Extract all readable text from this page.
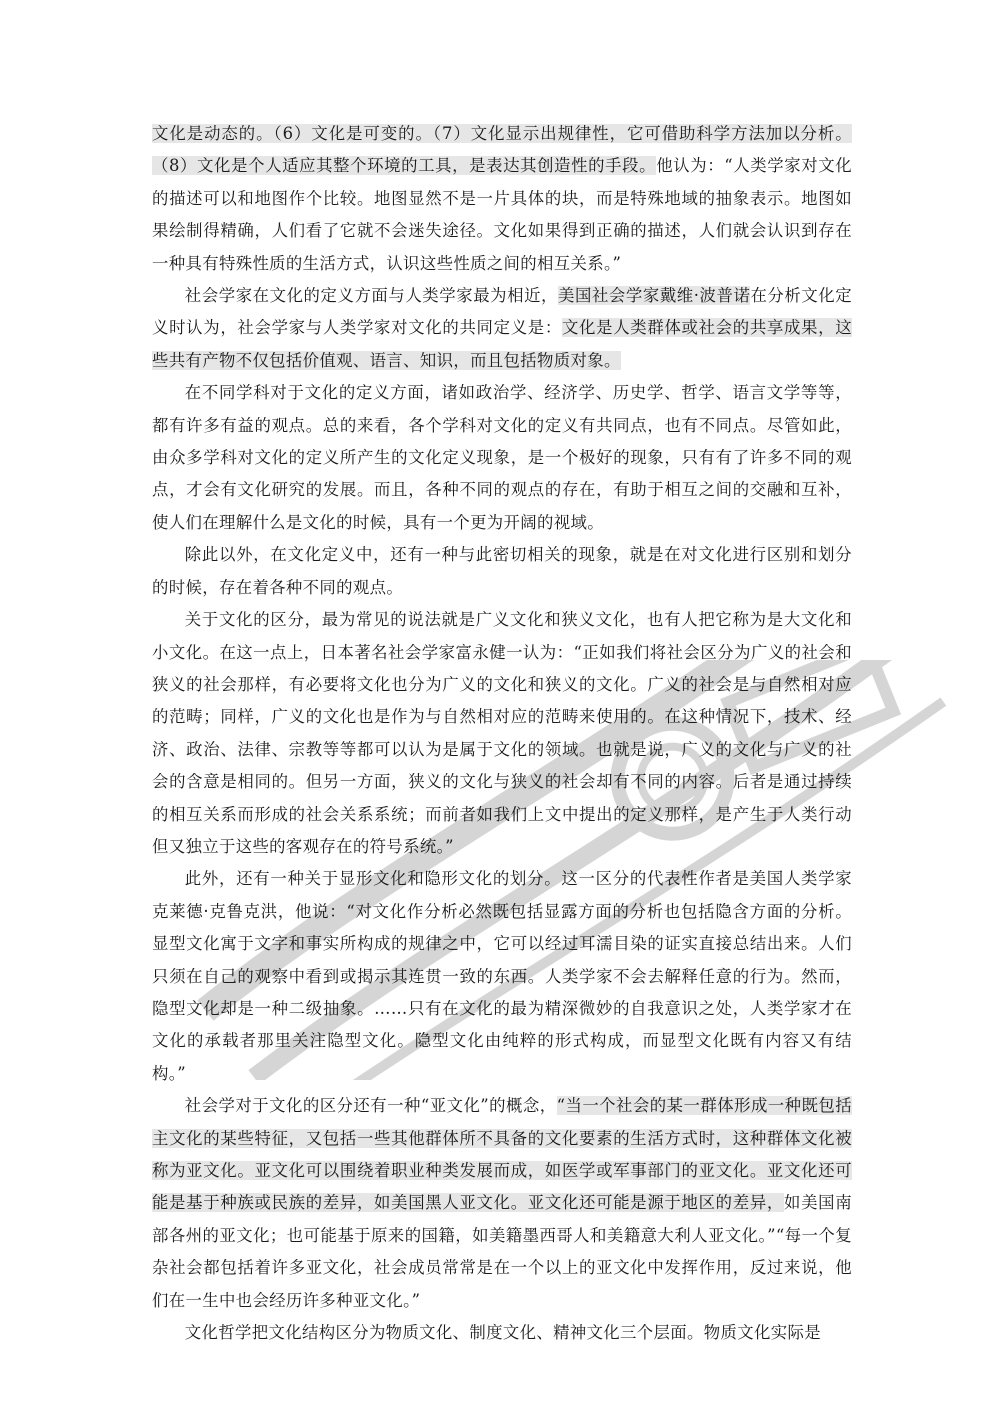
文化是动态的。（6）文化是可变的。（7）文化显示出规律性，它可借助科学方法加以分析。（8）文化是个人适应其整个环境的工具，是表达其创造性的手段。他认为：“人类学家对文化的描述可以和地图作个比较。地图显然不是一片具体的块，而是特殊地域的抽象表示。地图如果绘制得精确，人们看了它就不会迷失途径。文化如果得到正确的描述，人们就会认识到存在一种具有特殊性质的生活方式，认识这些性质之间的相互关系。”

社会学家在文化的定义方面与人类学家最为相近，美国社会学家戴维·波普诺在分析文化定义时认为，社会学家与人类学家对文化的共同定义是：文化是人类群体或社会的共享成果，这些共有产物不仅包括价值观、语言、知识，而且包括物质对象。

在不同学科对于文化的定义方面，诸如政治学、经济学、历史学、哲学、语言文学等等，都有许多有益的观点。总的来看，各个学科对文化的定义有共同点，也有不同点。尽管如此，由众多学科对文化的定义所产生的文化定义现象，是一个极好的现象，只有有了许多不同的观点，才会有文化研究的发展。而且，各种不同的观点的存在，有助于相互之间的交融和互补，使人们在理解什么是文化的时候，具有一个更为开阔的视域。

除此以外，在文化定义中，还有一种与此密切相关的现象，就是在对文化进行区别和划分的时候，存在着各种不同的观点。

关于文化的区分，最为常见的说法就是广义文化和狭义文化，也有人把它称为是大文化和小文化。在这一点上，日本著名社会学家富永健一认为：“正如我们将社会区分为广义的社会和狭义的社会那样，有必要将文化也分为广义的文化和狭义的文化。广义的社会是与自然相对应的范畴；同样，广义的文化也是作为与自然相对应的范畴来使用的。在这种情况下，技术、经济、政治、法律、宗教等等都可以认为是属于文化的领域。也就是说，广义的文化与广义的社会的含意是相同的。但另一方面，狭义的文化与狭义的社会却有不同的内容。后者是通过持续的相互关系而形成的社会关系系统；而前者如我们上文中提出的定义那样，是产生于人类行动但又独立于这些的客观存在的符号系统。”

此外，还有一种关于显形文化和隐形文化的划分。这一区分的代表性作者是美国人类学家克莱德·克鲁克洪，他说：“对文化作分析必然既包括显露方面的分析也包括隐含方面的分析。显型文化寓于文字和事实所构成的规律之中，它可以经过耳濡目染的证实直接总结出来。人们只须在自己的观察中看到或揭示其连贯一致的东西。人类学家不会去解释任意的行为。然而，隐型文化却是一种二级抽象。……只有在文化的最为精深微妙的自我意识之处，人类学家才在文化的承载者那里关注隐型文化。隐型文化由纯粹的形式构成，而显型文化既有内容又有结构。”

社会学对于文化的区分还有一种“亚文化”的概念，“当一个社会的某一群体形成一种既包括主文化的某些特征，又包括一些其他群体所不具备的文化要素的生活方式时，这种群体文化被称为亚文化。亚文化可以围绕着职业种类发展而成，如医学或军事部门的亚文化。亚文化还可能是基于种族或民族的差异，如美国黑人亚文化。亚文化还可能是源于地区的差异，如美国南部各州的亚文化；也可能基于原来的国籍，如美籍墨西哥人和美籍意大利人亚文化。”“每一个复杂社会都包括着许多亚文化，社会成员常常是在一个以上的亚文化中发挥作用，反过来说，他们在一生中也会经历许多种亚文化。”

文化哲学把文化结构区分为物质文化、制度文化、精神文化三个层面。物质文化实际是
